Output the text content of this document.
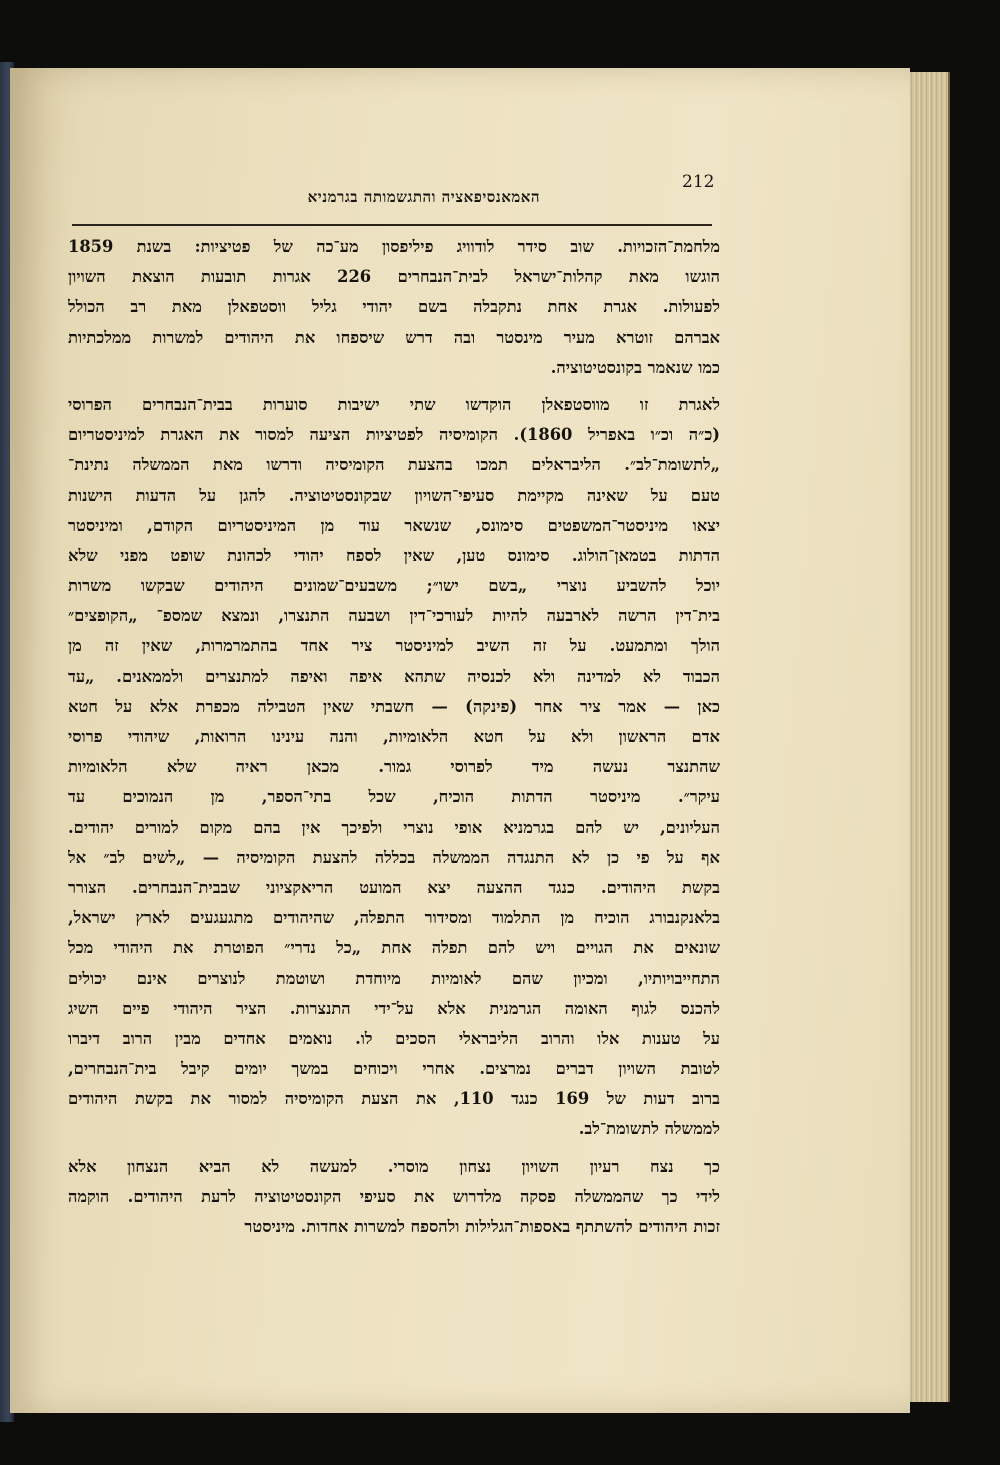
האמאנסיפאציה והתגשמותה בגרמניא
212

מלחמת־הזכויות. שוב סידר לודוויג פיליפסון מע־כה של פטיציות: בשנת 1859
הוגשו מאת קהלות־ישראל לבית־הנבחרים 226 אגרות תובעות הוצאת השויון
לפעולות. אגרת אחת נתקבלה בשם יהודי גליל ווסטפאלן מאת רב הכולל
אברהם זוטרא מעיר מינסטר ובה דרש שיספחו את היהודים למשרות ממלכתיות
כמו שנאמר בקונסטיטוציה.

לאגרת זו מווסטפאלן הוקדשו שתי ישיבות סוערות בבית־הנבחרים הפרוסי
(כ״ה וכ״ו באפריל 1860). הקומיסיה לפטיציות הציעה למסור את האגרת למיניסטריום
„לתשומת־לב״. הליבראלים תמכו בהצעת הקומיסיה ודרשו מאת הממשלה נתינת־
טעם על שאינה מקיימת סעיפי־השויון שבקונסטיטוציה. להגן על הדעות הישנות
יצאו מיניסטר־המשפטים סימונס, שנשאר עוד מן המיניסטריום הקודם, ומיניסטר
הדתות בטמאן־הולוג. סימונס טען, שאין לספח יהודי לכהונת שופט מפני שלא
יוכל להשביע נוצרי „בשם ישו״; משבעים־שמונים היהודים שבקשו משרות
בית־דין הרשה לארבעה להיות לעורכי־דין ושבעה התנצרו, ונמצא שמספ־ „הקופצים״
הולך ומתמעט. על זה השיב למיניסטר ציר אחד בהתמרמרות, שאין זה מן
הכבוד לא למדינה ולא לכנסיה שתהא איפה ואיפה למתנצרים ולממאנים. „עד
כאן — אמר ציר אחר (פינקה) — חשבתי שאין הטבילה מכפרת אלא על חטא
אדם הראשון ולא על חטא הלאומיות, והנה עינינו הרואות, שיהודי פרוסי
שהתנצר נעשה מיד לפרוסי גמור. מכאן ראיה שלא הלאומיות
עיקר״. מיניסטר הדתות הוכיח, שכל בתי־הספר, מן הנמוכים עד
העליונים, יש להם בגרמניא אופי נוצרי ולפיכך אין בהם מקום למורים יהודים.
אף על פי כן לא התנגדה הממשלה בכללה להצעת הקומיסיה — „לשים לב״ אל
בקשת היהודים. כנגד ההצעה יצא המועט הריאקציוני שבבית־הנבחרים. הצורר
בלאנקנבורג הוכיח מן התלמוד ומסידור התפלה, שהיהודים מתגעגעים לארץ ישראל,
שונאים את הגויים ויש להם תפלה אחת „כל נדרי״ הפוטרת את היהודי מכל
התחייבויותיו, ומכיון שהם לאומיות מיוחדת ושוטמת לנוצרים אינם יכולים
להכנס לגוף האומה הגרמנית אלא על־ידי התנצרות. הציר היהודי פיים השיג
על טענות אלו והרוב הליבראלי הסכים לו. נואמים אחדים מבין הרוב דיברו
לטובת השויון דברים נמרצים. אחרי ויכוחים במשך יומים קיבל בית־הנבחרים,
ברוב דעות של 169 כנגד 110, את הצעת הקומיסיה למסור את בקשת היהודים
לממשלה לתשומת־לב.

כך נצח רעיון השויון נצחון מוסרי. למעשה לא הביא הנצחון אלא
לידי כך שהממשלה פסקה מלדרוש את סעיפי הקונסטיטוציה לרעת היהודים. הוקמה
זכות היהודים להשתתף באספות־הגלילות ולהספח למשרות אחדות. מיניסטר
